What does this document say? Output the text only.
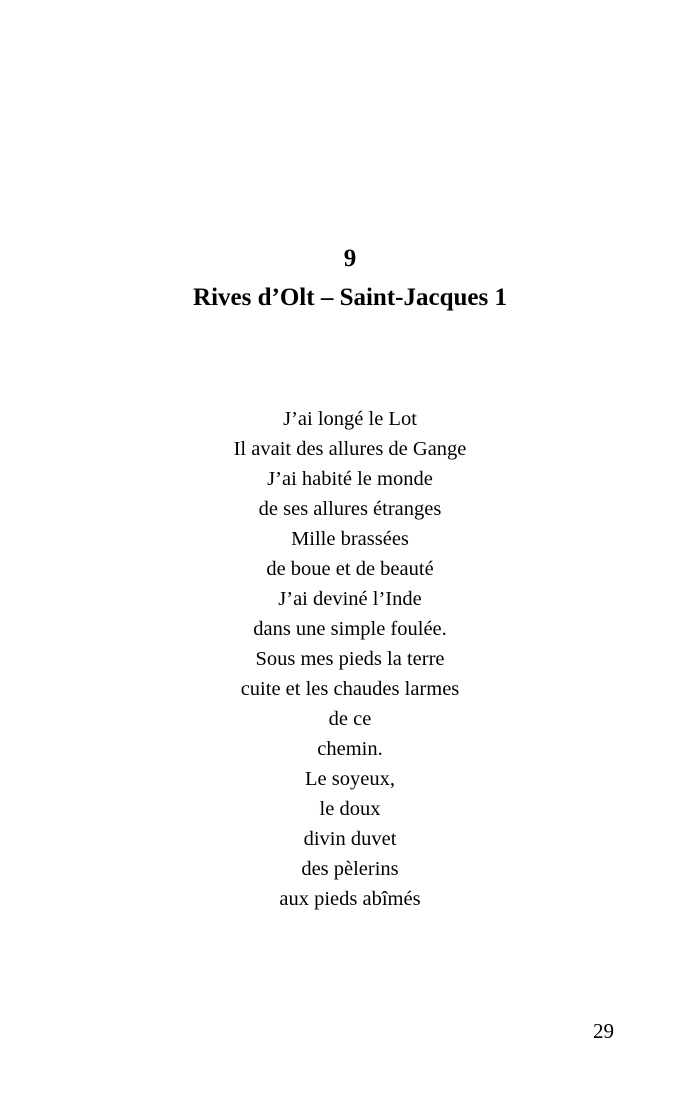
9
Rives d’Olt – Saint-Jacques 1
J’ai longé le Lot
Il avait des allures de Gange
J’ai habité le monde
de ses allures étranges
Mille brassées
de boue et de beauté
J’ai deviné l’Inde
dans une simple foulée.
Sous mes pieds la terre
cuite et les chaudes larmes
de ce
chemin.
Le soyeux,
le doux
divin duvet
des pèlerins
aux pieds abîmés
29
